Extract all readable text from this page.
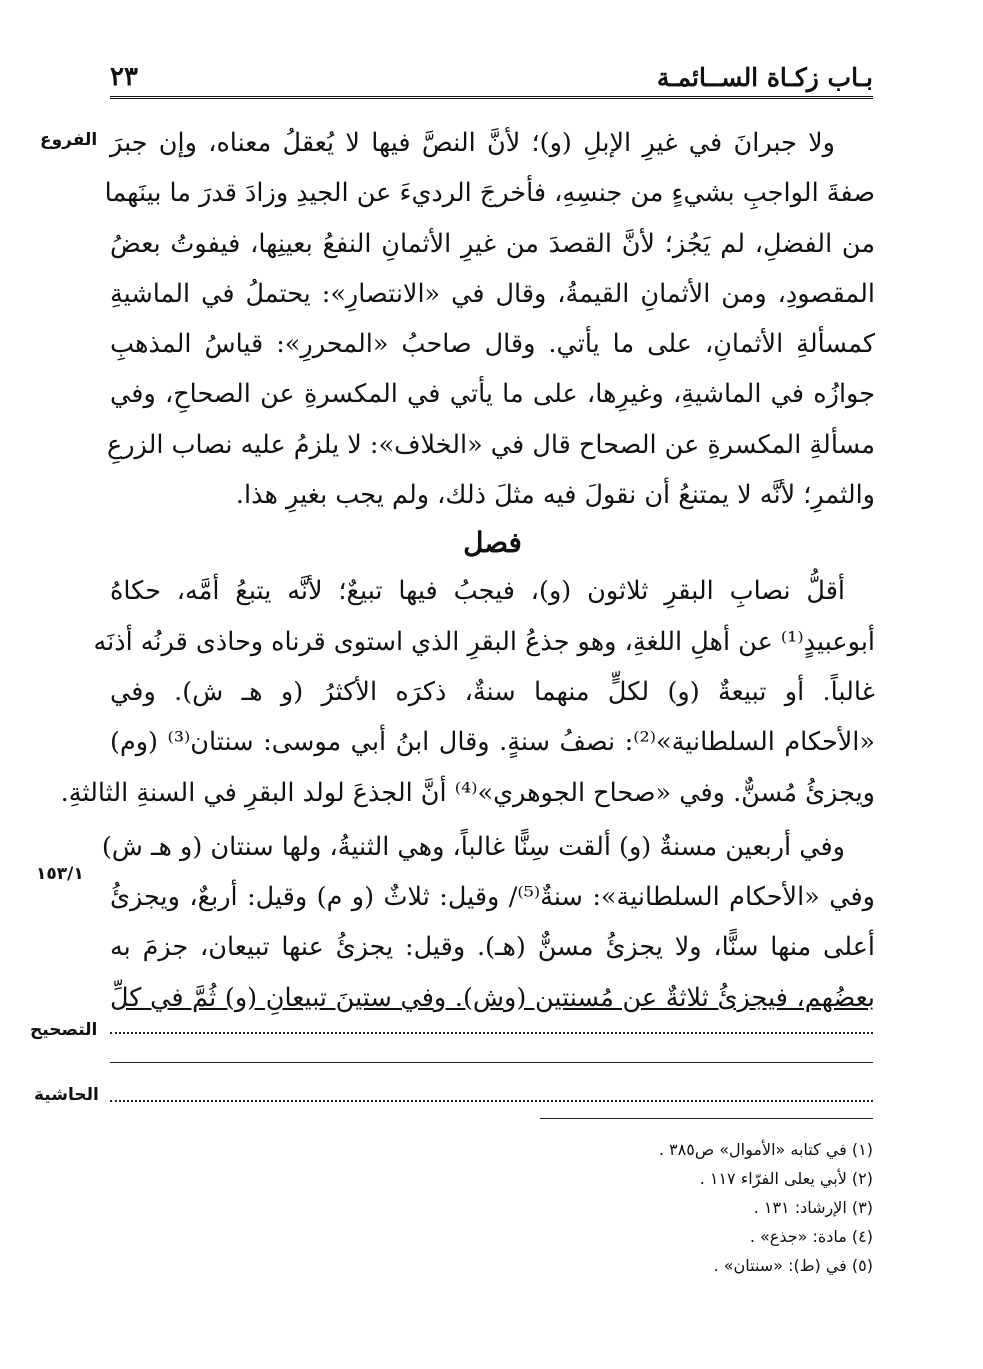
بـاب زكـاة الســائمـة
٢٣
الفروع
١٥٣/١
التصحيح
الحاشية
ولا جبرانَ في غيرِ الإبلِ (و)؛ لأنَّ النصَّ فيها لا يُعقلُ معناه، وإن جبرَ
صفةَ الواجبِ بشيءٍ من جنسِهِ، فأخرجَ الرديءَ عن الجيدِ وزادَ قدرَ ما بينَهما
من الفضلِ، لم يَجُز؛ لأنَّ القصدَ من غيرِ الأثمانِ النفعُ بعينِها، فيفوتُ بعضُ
المقصودِ، ومن الأثمانِ القيمةُ، وقال في «الانتصارِ»: يحتملُ في الماشيةِ
كمسألةِ الأثمانِ، على ما يأتي. وقال صاحبُ «المحررِ»: قياسُ المذهبِ
جوازُه في الماشيةِ، وغيرِها، على ما يأتي في المكسرةِ عن الصحاحِ، وفي
مسألةِ المكسرةِ عن الصحاح قال في «الخلاف»: لا يلزمُ عليه نصاب الزرعِ
والثمرِ؛ لأنَّه لا يمتنعُ أن نقولَ فيه مثلَ ذلك، ولم يجب بغيرِ هذا.
فصل
أقلُّ نصابِ البقرِ ثلاثون (و)، فيجبُ فيها تبيعٌ؛ لأنَّه يتبعُ أمَّه، حكاهُ
أبوعبيدٍ⁽¹⁾ عن أهلِ اللغةِ، وهو جذعُ البقرِ الذي استوى قرناه وحاذى قرنُه أذنَه
غالباً. أو تبيعةٌ (و) لكلٍّ منهما سنةٌ، ذكرَه الأكثرُ (و هـ ش). وفي
«الأحكام السلطانية»⁽²⁾: نصفُ سنةٍ. وقال ابنُ أبي موسى: سنتان⁽³⁾ (وم)
ويجزئُ مُسنٌّ. وفي «صحاح الجوهري»⁽⁴⁾ أنَّ الجذعَ لولد البقرِ في السنةِ الثالثةِ.
وفي أربعين مسنةٌ (و) ألقت سِنًّا غالباً، وهي الثنيةُ، ولها سنتان (و هـ ش)
وفي «الأحكام السلطانية»: سنةٌ⁽⁵⁾/ وقيل: ثلاثٌ (و م) وقيل: أربعٌ، ويجزئُ
أعلى منها سنًّا، ولا يجزئُ مسنٌّ (هـ). وقيل: يجزئُ عنها تبيعان، جزمَ به
بعضُهم، فيجزئُ ثلاثةٌ عن مُسنتين (وش). وفي ستينَ تبيعانِ (و) ثُمَّ في كلِّ
(١) في كتابه «الأموال» ص٣٨٥ .
(٢) لأبي يعلى الفرّاء ١١٧ .
(٣) الإرشاد: ١٣١ .
(٤) مادة: «جذع» .
(٥) في (ط): «سنتان» .
